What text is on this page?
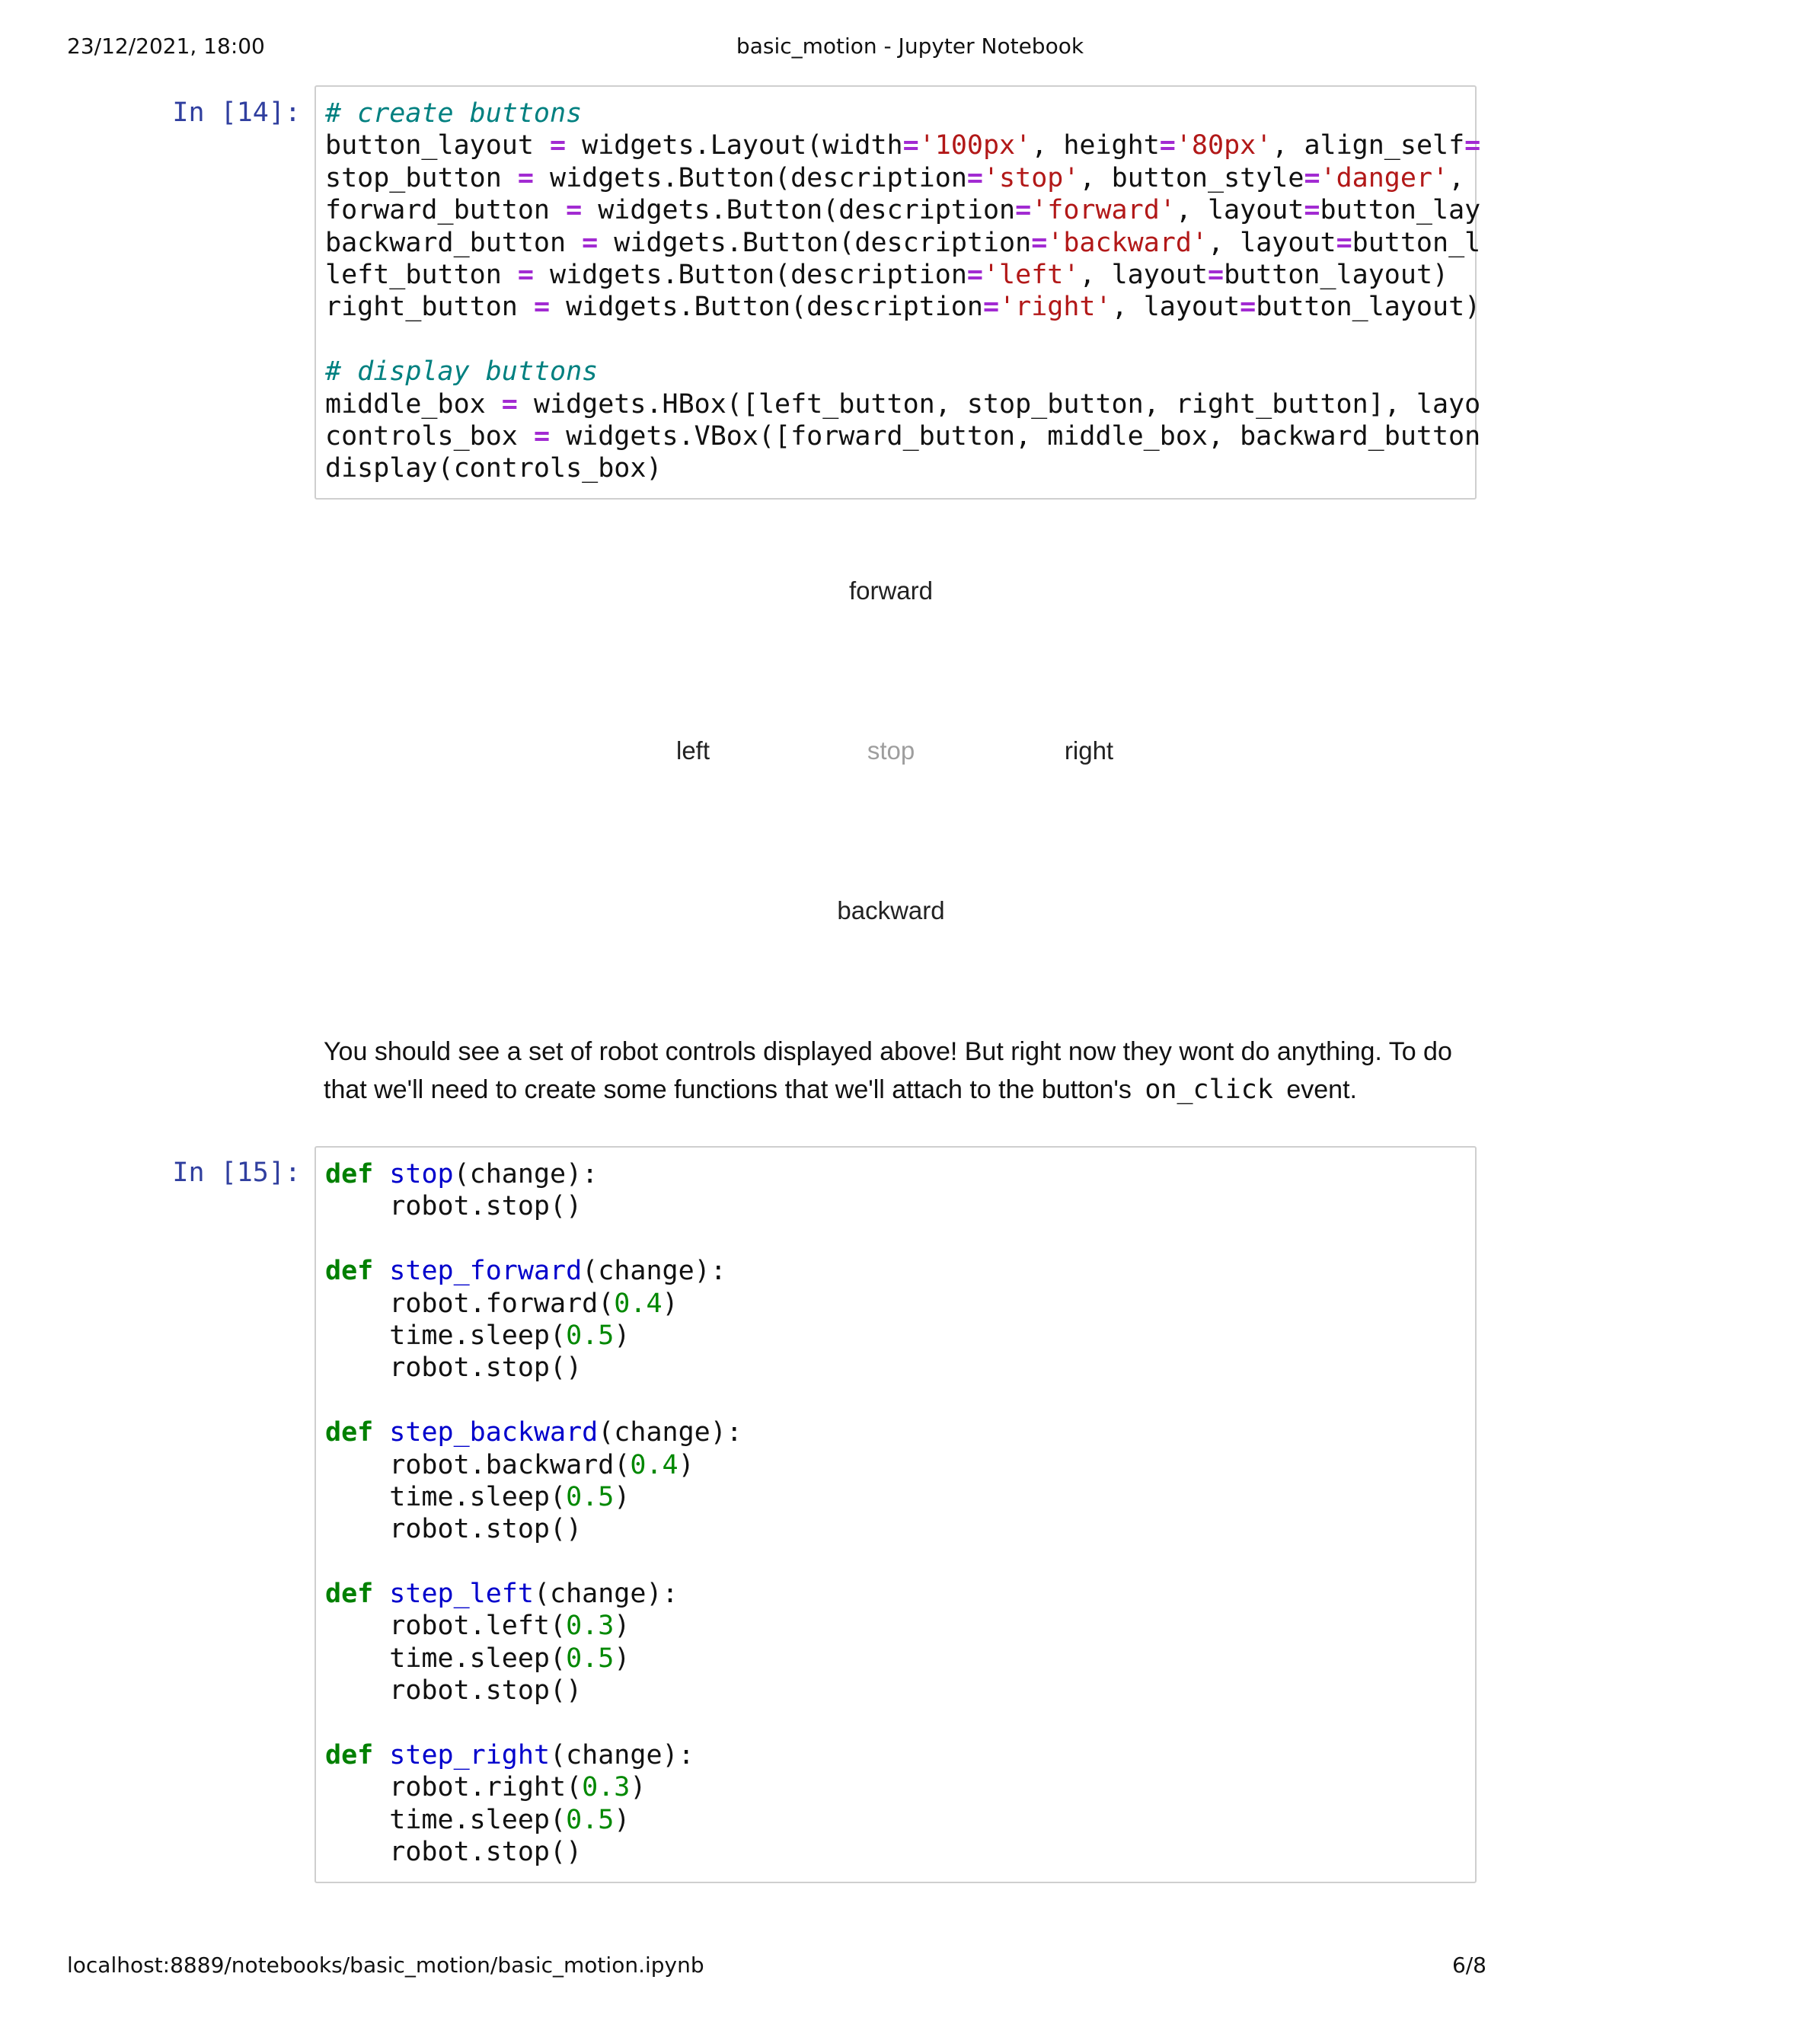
23/12/2021, 18:00	basic_motion - Jupyter Notebook
In [14]: # create buttons
button_layout = widgets.Layout(width='100px', height='80px', align_self=
stop_button = widgets.Button(description='stop', button_style='danger',
forward_button = widgets.Button(description='forward', layout=button_lay
backward_button = widgets.Button(description='backward', layout=button_l
left_button = widgets.Button(description='left', layout=button_layout)
right_button = widgets.Button(description='right', layout=button_layout)
# display buttons
middle_box = widgets.HBox([left_button, stop_button, right_button], layo
controls_box = widgets.VBox([forward_button, middle_box, backward_button
display(controls_box)
forward
left	stop	right
backward
You should see a set of robot controls displayed above! But right now they wont do anything. To do that we'll need to create some functions that we'll attach to the button's on_click event.
In [15]: def stop(change):
robot.stop()
def step_forward(change):
robot.forward(0.4)
time.sleep(0.5)
robot.stop()
def step_backward(change):
robot.backward(0.4)
time.sleep(0.5)
robot.stop()
def step_left(change):
robot.left(0.3)
time.sleep(0.5)
robot.stop()
def step_right(change):
robot.right(0.3)
time.sleep(0.5)
robot.stop()
localhost:8889/notebooks/basic_motion/basic_motion.ipynb	6/8
